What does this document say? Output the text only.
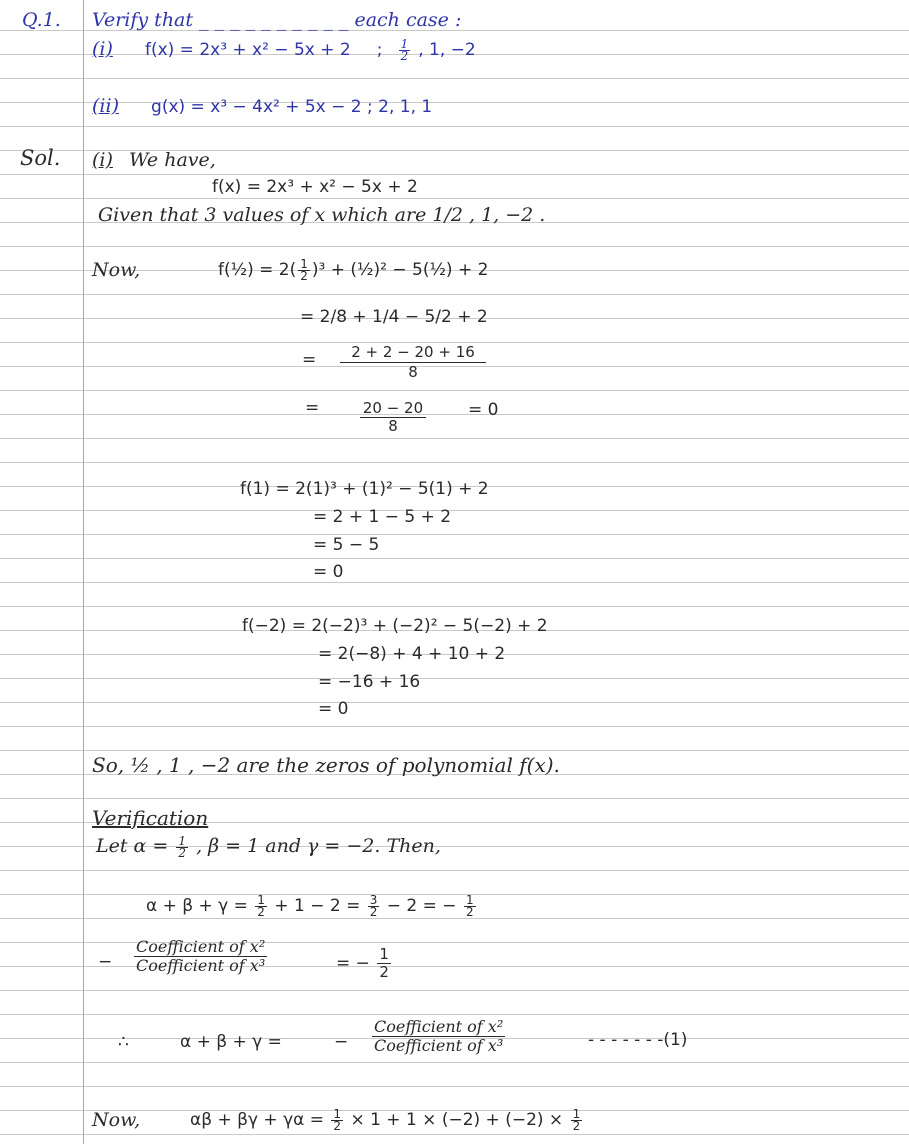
Q.1. Verify that _ _ _ _ _ _ _ _ _ _ each case :
(i) f(x) = 2x³ + x² − 5x + 2 ; $\frac{1}{2}$ , 1, −2
(ii) g(x) = x³ − 4x² + 5x − 2 ; 2, 1, 1
Sol. (i) We have,
f(x) = 2x³ + x² − 5x + 2
Given that 3 values of x which are 1/2 , 1, −2 .
Now,	f(½) = $2( \frac{1}{2} )^3$ + (½)² − 5(½) + 2
= 2/8 + 1/4 − 5/2 + 2
=	2 + 2 − 20 + 16
8
=	20 − 20
8
= 0
f(1) = 2(1)³ + (1)² − 5(1) + 2
= 2 + 1 − 5 + 2
= 5 − 5
= 0
f(−2) = 2(−2)³ + (−2)² − 5(−2) + 2
= 2(−8) + 4 + 10 + 2
= −16 + 16
= 0
So, ½ , 1 , −2 are the zeros of polynomial f(x).
Verification
Let $\alpha = \frac{1}{2}$ , β = 1 and γ = −2. Then,
$\alpha + \beta + \gamma = \frac{1}{2} + 1 - 2 = \frac{3}{2} - 2$ = − $\frac{1}{2}$
− $\frac{\text{Coefficient of x²}}{\text{Coefficient of x³}}$	= − $\frac{1}{2}$
∴	α + β + γ =	− $\frac{\text{Coefficient of x²}}{\text{Coefficient of x³}}$	- - - - - - -(1)
Now,	$\alpha\beta + \beta\gamma + \gamma\alpha = \frac{1}{2} \times 1 + 1 \times (-2) + (-2) \times \frac{1}{2}$
